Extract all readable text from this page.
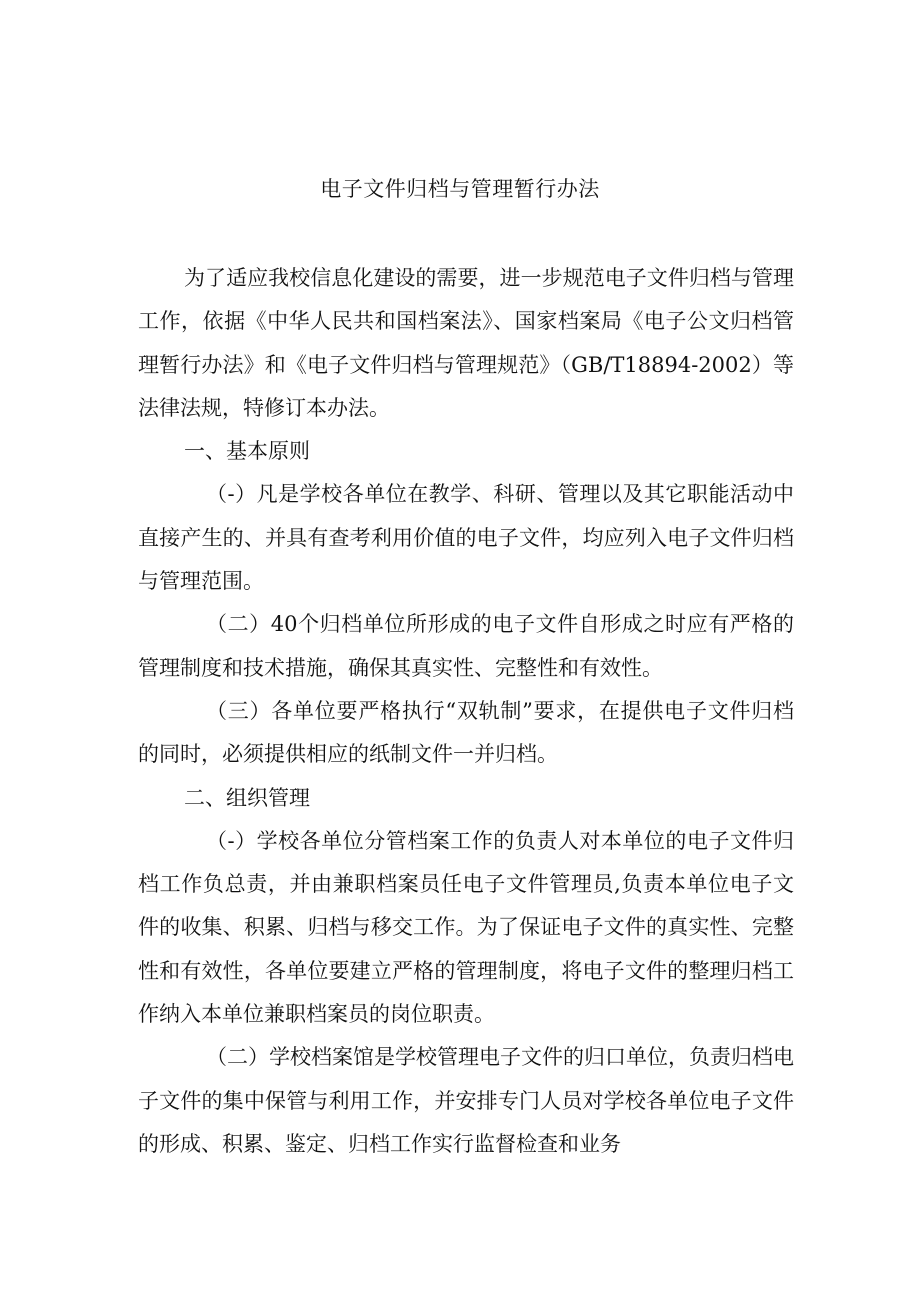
电子文件归档与管理暂行办法

为了适应我校信息化建设的需要，进一步规范电子文件归档与管理工作，依据《中华人民共和国档案法》、国家档案局《电子公文归档管理暂行办法》和《电子文件归档与管理规范》（GB/T18894-2002）等法律法规，特修订本办法。

一、基本原则

（-）凡是学校各单位在教学、科研、管理以及其它职能活动中直接产生的、并具有查考利用价值的电子文件，均应列入电子文件归档与管理范围。

（二）40个归档单位所形成的电子文件自形成之时应有严格的管理制度和技术措施，确保其真实性、完整性和有效性。

（三）各单位要严格执行“双轨制”要求，在提供电子文件归档的同时，必须提供相应的纸制文件一并归档。

二、组织管理

（-）学校各单位分管档案工作的负责人对本单位的电子文件归档工作负总责，并由兼职档案员任电子文件管理员,负责本单位电子文件的收集、积累、归档与移交工作。为了保证电子文件的真实性、完整性和有效性，各单位要建立严格的管理制度，将电子文件的整理归档工作纳入本单位兼职档案员的岗位职责。

（二）学校档案馆是学校管理电子文件的归口单位，负责归档电子文件的集中保管与利用工作，并安排专门人员对学校各单位电子文件的形成、积累、鉴定、归档工作实行监督检查和业务
